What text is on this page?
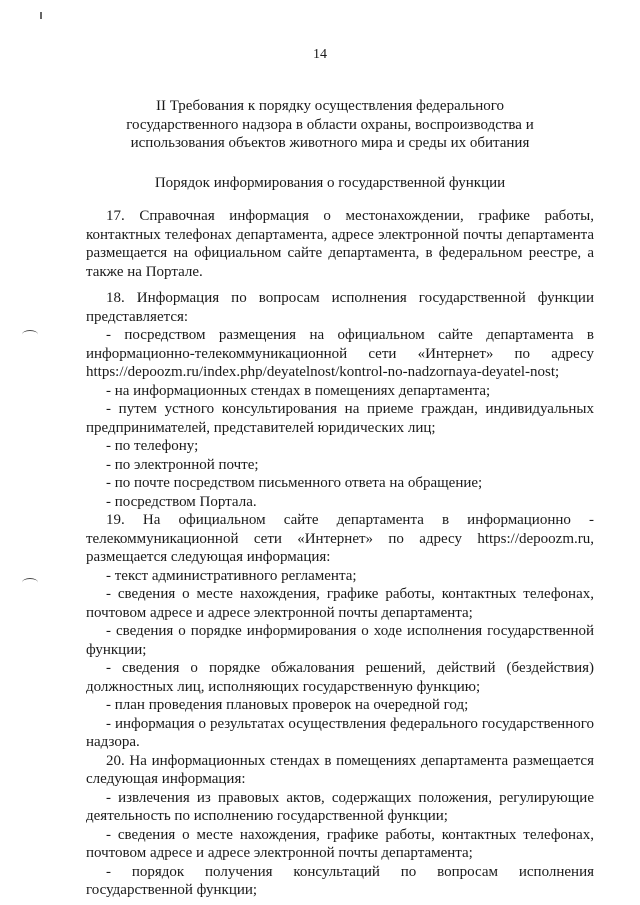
14
II Требования к порядку осуществления федерального государственного надзора в области охраны, воспроизводства и использования объектов животного мира и среды их обитания
Порядок информирования о государственной функции

17. Справочная информация о местонахождении, графике работы, контактных телефонах департамента, адресе электронной почты департамента размещается на официальном сайте департамента, в федеральном реестре, а также на Портале.

18. Информация по вопросам исполнения государственной функции представляется:

- посредством размещения на официальном сайте департамента в информационно-телекоммуникационной сети «Интернет» по адресу https://depoozm.ru/index.php/deyatelnost/kontrol-no-nadzornaya-deyatel-nost;

- на информационных стендах в помещениях департамента;

- путем устного консультирования на приеме граждан, индивидуальных предпринимателей, представителей юридических лиц;

- по телефону;

- по электронной почте;

- по почте посредством письменного ответа на обращение;

- посредством Портала.

19. На официальном сайте департамента в информационно - телекоммуникационной сети «Интернет» по адресу https://depoozm.ru, размещается следующая информация:

- текст административного регламента;

- сведения о месте нахождения, графике работы, контактных телефонах, почтовом адресе и адресе электронной почты департамента;

- сведения о порядке информирования о ходе исполнения государственной функции;

- сведения о порядке обжалования решений, действий (бездействия) должностных лиц, исполняющих государственную функцию;

- план проведения плановых проверок на очередной год;

- информация о результатах осуществления федерального государственного надзора.

20. На информационных стендах в помещениях департамента размещается следующая информация:

- извлечения из правовых актов, содержащих положения, регулирующие деятельность по исполнению государственной функции;

- сведения о месте нахождения, графике работы, контактных телефонах, почтовом адресе и адресе электронной почты департамента;

- порядок получения консультаций по вопросам исполнения государственной функции;
